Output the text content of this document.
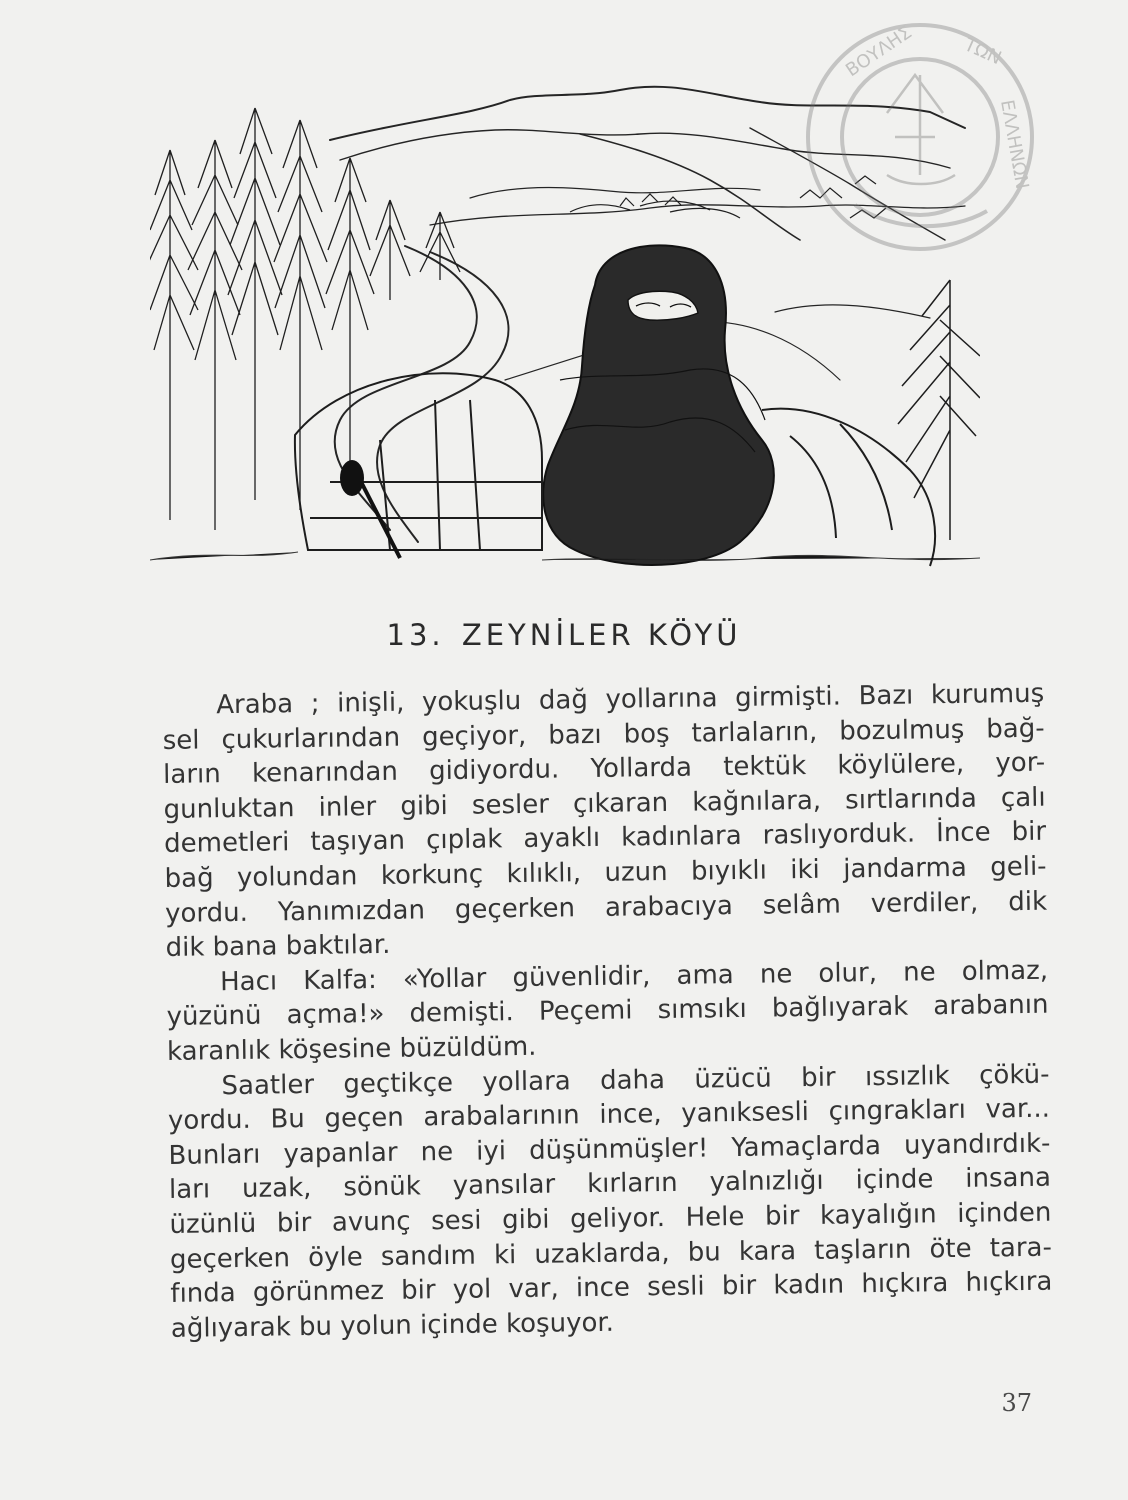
ΒΟΥΛΗΣ	ΤΩΝ
ΕΛΛΗΝΩΝ
13. ZEYNİLER KÖYÜ
Araba ; inişli, yokuşlu dağ yollarına girmişti. Bazı kurumuş
sel çukurlarından geçiyor, bazı boş tarlaların, bozulmuş bağ-
ların kenarından gidiyordu. Yollarda tektük köylülere, yor-
gunluktan inler gibi sesler çıkaran kağnılara, sırtlarında çalı
demetleri taşıyan çıplak ayaklı kadınlara raslıyorduk. İnce bir
bağ yolundan korkunç kılıklı, uzun bıyıklı iki jandarma geli-
yordu. Yanımızdan geçerken arabacıya selâm verdiler, dik
dik bana baktılar.
Hacı Kalfa: «Yollar güvenlidir, ama ne olur, ne olmaz,
yüzünü açma!» demişti. Peçemi sımsıkı bağlıyarak arabanın
karanlık köşesine büzüldüm.
Saatler geçtikçe yollara daha üzücü bir ıssızlık çökü-
yordu. Bu geçen arabalarının ince, yanıksesli çıngrakları var...
Bunları yapanlar ne iyi düşünmüşler! Yamaçlarda uyandırdık-
ları uzak, sönük yansılar kırların yalnızlığı içinde insana
üzünlü bir avunç sesi gibi geliyor. Hele bir kayalığın içinden
geçerken öyle sandım ki uzaklarda, bu kara taşların öte tara-
fında görünmez bir yol var, ince sesli bir kadın hıçkıra hıçkıra
ağlıyarak bu yolun içinde koşuyor.
37
